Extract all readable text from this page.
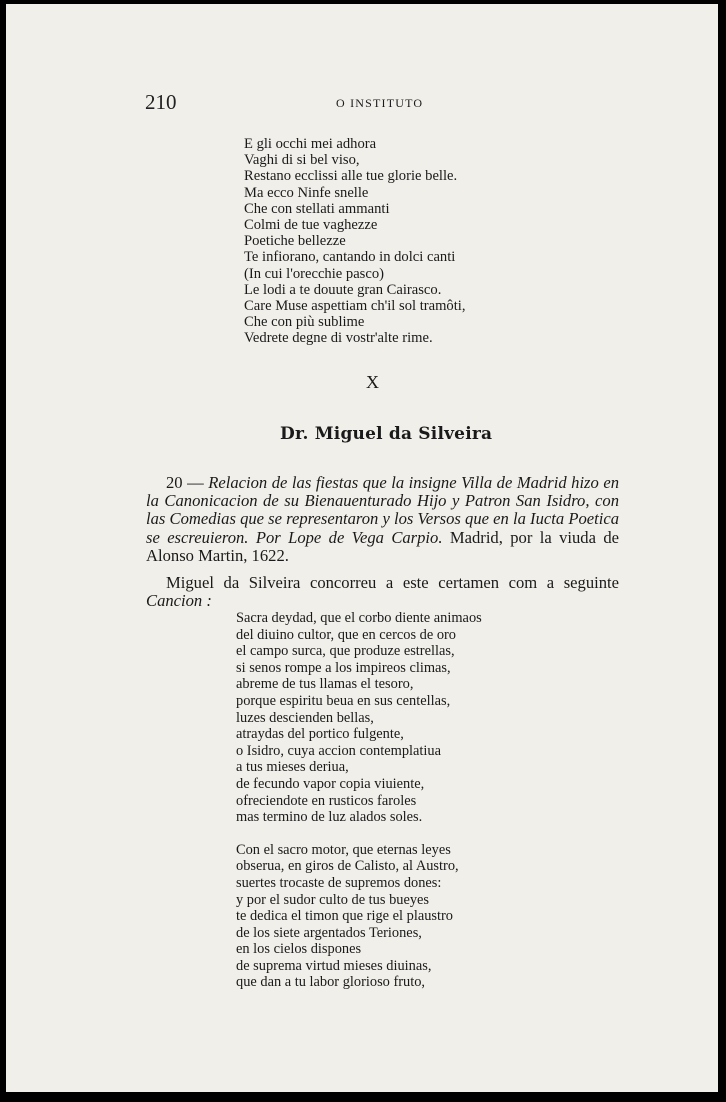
210	O INSTITUTO
E gli occhi mei adhora
Vaghi di si bel viso,
Restano ecclissi alle tue glorie belle.
Ma ecco Ninfe snelle
Che con stellati ammanti
Colmi de tue vaghezze
Poetiche bellezze
Te infiorano, cantando in dolci canti
(In cui l'orecchie pasco)
Le lodi a te douute gran Cairasco.
Care Muse aspettiam ch'il sol tramôti,
Che con più sublime
Vedrete degne di vostr'alte rime.
X
Dr. Miguel da Silveira

20 — Relacion de las fiestas que la insigne Villa de Madrid hizo en la Canonicacion de su Bienauenturado Hijo y Patron San Isidro, con las Comedias que se representaron y los Versos que en la Iucta Poetica se escreuieron. Por Lope de Vega Carpio. Madrid, por la viuda de Alonso Martin, 1622.

Miguel da Silveira concorreu a este certamen com a seguinte Cancion :

Sacra deydad, que el corbo diente animaos
del diuino cultor, que en cercos de oro
el campo surca, que produze estrellas,
si senos rompe a los impireos climas,
abreme de tus llamas el tesoro,
porque espiritu beua en sus centellas,
luzes descienden bellas,
atraydas del portico fulgente,
o Isidro, cuya accion contemplatiua
a tus mieses deriua,
de fecundo vapor copia viuiente,
ofreciendote en rusticos faroles
mas termino de luz alados soles.
Con el sacro motor, que eternas leyes
obserua, en giros de Calisto, al Austro,
suertes trocaste de supremos dones:
y por el sudor culto de tus bueyes
te dedica el timon que rige el plaustro
de los siete argentados Teriones,
en los cielos dispones
de suprema virtud mieses diuinas,
que dan a tu labor glorioso fruto,
